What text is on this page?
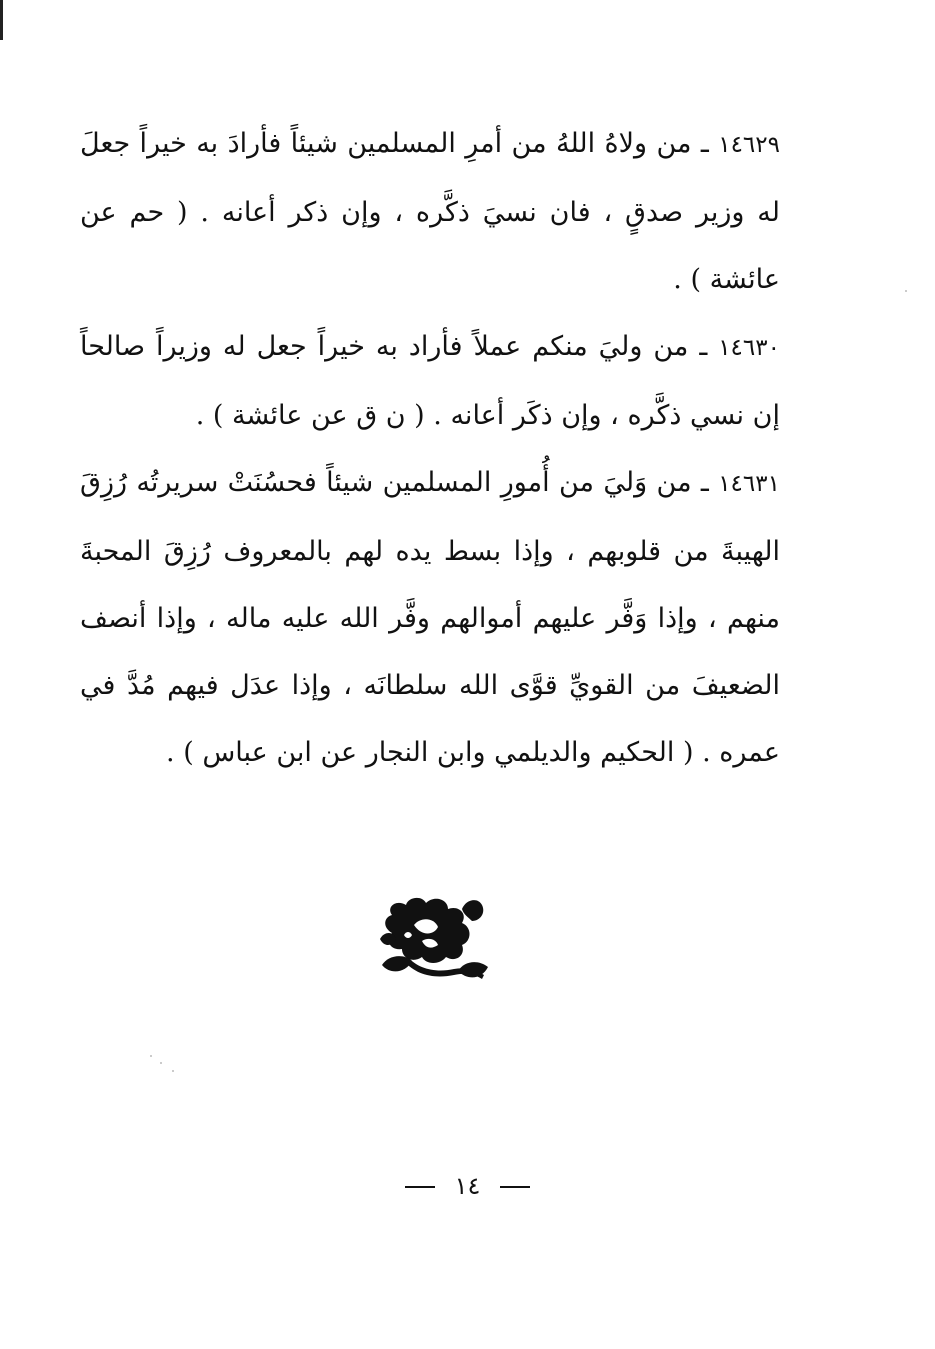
١٤٦٢٩ ـ من ولاهُ اللهُ من أمرِ المسلمين شيئاً فأرادَ به خيراً جعلَ له وزير صدقٍ ، فان نسيَ ذكَّره ، وإن ذكر أعانه . ( حم عن عائشة ) .

١٤٦٣٠ ـ من وليَ منكم عملاً فأراد به خيراً جعل له وزيراً صالحاً إن نسي ذكَّره ، وإن ذكَر أعانه . ( ن ق عن عائشة ) .

١٤٦٣١ ـ من وَليَ من أُمورِ المسلمين شيئاً فحسُنَتْ سريرتُه رُزِقَ الهيبةَ من قلوبهم ، وإذا بسط يده لهم بالمعروف رُزِقَ المحبةَ منهم ، وإذا وَفَّر عليهم أموالهم وفَّر الله عليه ماله ، وإذا أنصف الضعيفَ من القويِّ قوَّى الله سلطانَه ، وإذا عدَل فيهم مُدَّ في عمره . ( الحكيم والديلمي وابن النجار عن ابن عباس ) .

١٤
